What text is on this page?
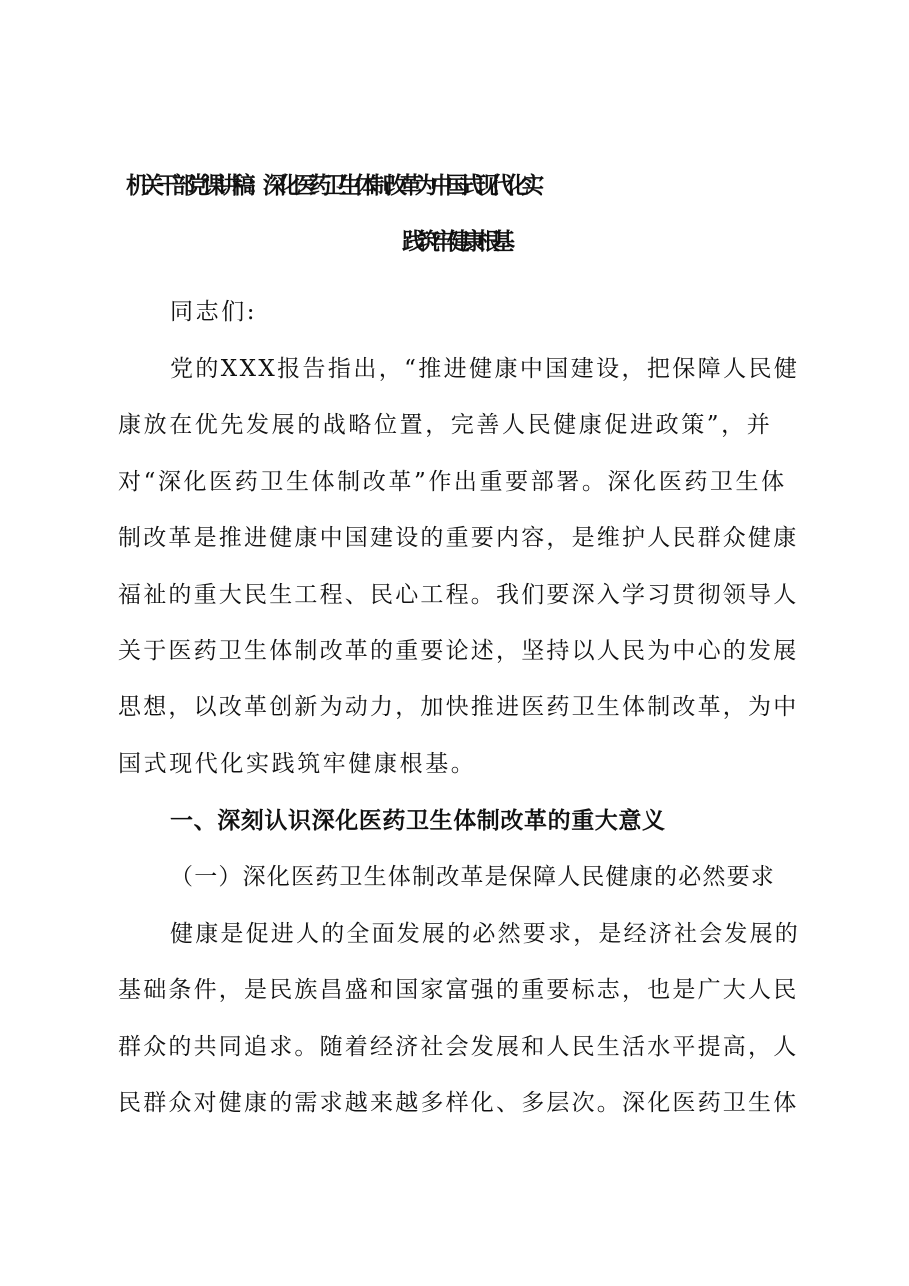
机关干部党课讲稿：深化医药卫生体制改革为中国式现代化实
践筑牢健康根基
同志们:
党的XXX报告指出，“推进健康中国建设，把保障人民健
康放在优先发展的战略位置，完善人民健康促进政策”，并
对“深化医药卫生体制改革”作出重要部署。深化医药卫生体
制改革是推进健康中国建设的重要内容，是维护人民群众健康
福祉的重大民生工程、民心工程。我们要深入学习贯彻领导人
关于医药卫生体制改革的重要论述，坚持以人民为中心的发展
思想，以改革创新为动力，加快推进医药卫生体制改革，为中
国式现代化实践筑牢健康根基。
一、深刻认识深化医药卫生体制改革的重大意义
（一）深化医药卫生体制改革是保障人民健康的必然要求
健康是促进人的全面发展的必然要求，是经济社会发展的
基础条件，是民族昌盛和国家富强的重要标志，也是广大人民
群众的共同追求。随着经济社会发展和人民生活水平提高，人
民群众对健康的需求越来越多样化、多层次。深化医药卫生体
